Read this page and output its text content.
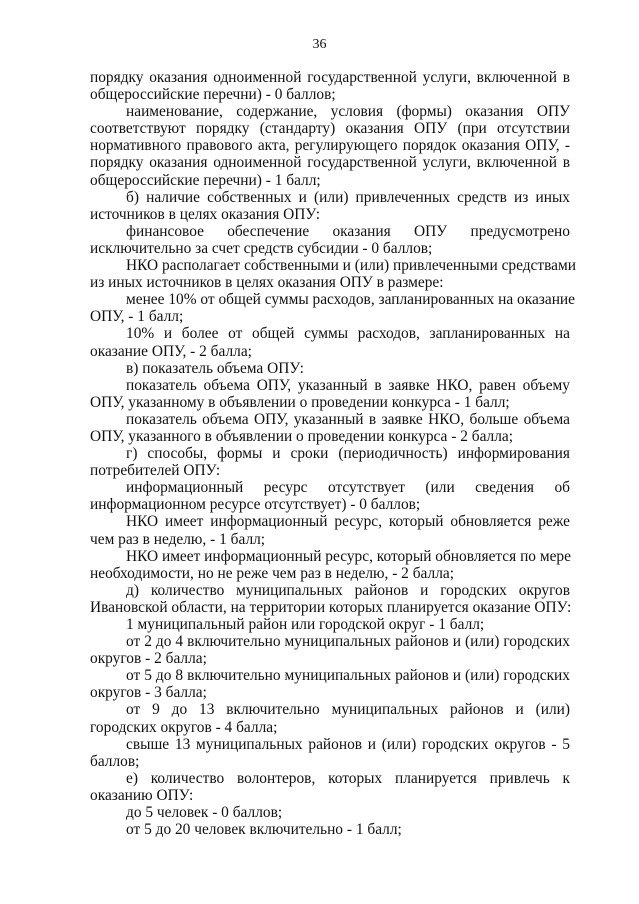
36
порядку оказания одноименной государственной услуги, включенной в
общероссийские перечни) - 0 баллов;
наименование, содержание, условия (формы) оказания ОПУ
соответствуют порядку (стандарту) оказания ОПУ (при отсутствии
нормативного правового акта, регулирующего порядок оказания ОПУ, -
порядку оказания одноименной государственной услуги, включенной в
общероссийские перечни) - 1 балл;
б) наличие собственных и (или) привлеченных средств из иных
источников в целях оказания ОПУ:
финансовое обеспечение оказания ОПУ предусмотрено
исключительно за счет средств субсидии - 0 баллов;
НКО располагает собственными и (или) привлеченными средствами
из иных источников в целях оказания ОПУ в размере:
менее 10% от общей суммы расходов, запланированных на оказание
ОПУ, - 1 балл;
10% и более от общей суммы расходов, запланированных на
оказание ОПУ, - 2 балла;
в) показатель объема ОПУ:
показатель объема ОПУ, указанный в заявке НКО, равен объему
ОПУ, указанному в объявлении о проведении конкурса - 1 балл;
показатель объема ОПУ, указанный в заявке НКО, больше объема
ОПУ, указанного в объявлении о проведении конкурса - 2 балла;
г) способы, формы и сроки (периодичность) информирования
потребителей ОПУ:
информационный ресурс отсутствует (или сведения об
информационном ресурсе отсутствует) - 0 баллов;
НКО имеет информационный ресурс, который обновляется реже
чем раз в неделю, - 1 балл;
НКО имеет информационный ресурс, который обновляется по мере
необходимости, но не реже чем раз в неделю, - 2 балла;
д) количество муниципальных районов и городских округов
Ивановской области, на территории которых планируется оказание ОПУ:
1 муниципальный район или городской округ - 1 балл;
от 2 до 4 включительно муниципальных районов и (или) городских
округов - 2 балла;
от 5 до 8 включительно муниципальных районов и (или) городских
округов - 3 балла;
от 9 до 13 включительно муниципальных районов и (или)
городских округов - 4 балла;
свыше 13 муниципальных районов и (или) городских округов - 5
баллов;
е) количество волонтеров, которых планируется привлечь к
оказанию ОПУ:
до 5 человек - 0 баллов;
от 5 до 20 человек включительно - 1 балл;
